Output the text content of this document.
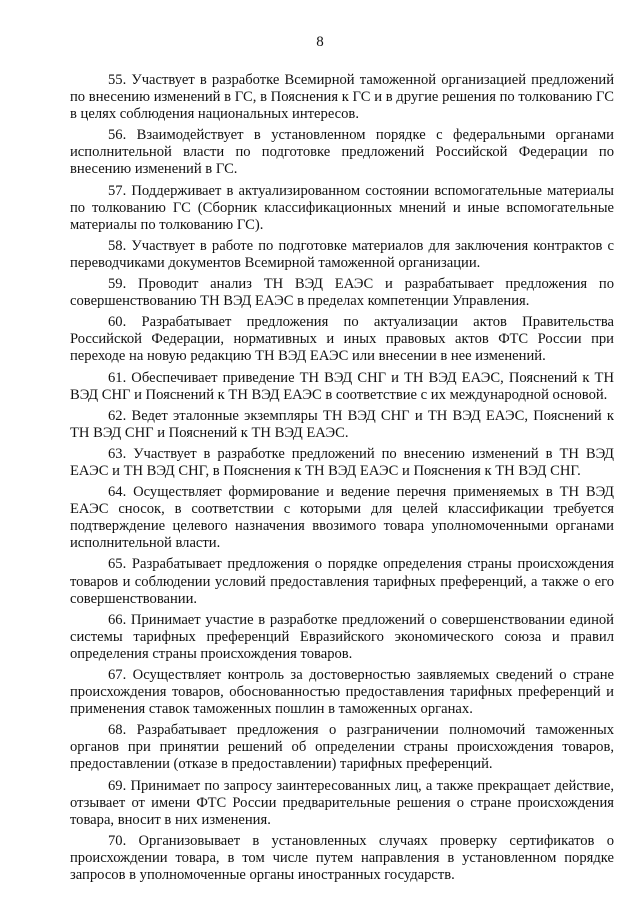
8

55. Участвует в разработке Всемирной таможенной организацией предложений по внесению изменений в ГС, в Пояснения к ГС и в другие решения по толкованию ГС в целях соблюдения национальных интересов.

56. Взаимодействует в установленном порядке с федеральными органами исполнительной власти по подготовке предложений Российской Федерации по внесению изменений в ГС.

57. Поддерживает в актуализированном состоянии вспомогательные материалы по толкованию ГС (Сборник классификационных мнений и иные вспомогательные материалы по толкованию ГС).

58. Участвует в работе по подготовке материалов для заключения контрактов с переводчиками документов Всемирной таможенной организации.

59. Проводит анализ ТН ВЭД ЕАЭС и разрабатывает предложения по совершенствованию ТН ВЭД ЕАЭС в пределах компетенции Управления.

60. Разрабатывает предложения по актуализации актов Правительства Российской Федерации, нормативных и иных правовых актов ФТС России при переходе на новую редакцию ТН ВЭД ЕАЭС или внесении в нее изменений.

61. Обеспечивает приведение ТН ВЭД СНГ и ТН ВЭД ЕАЭС, Пояснений к ТН ВЭД СНГ и Пояснений к ТН ВЭД ЕАЭС в соответствие с их международной основой.

62. Ведет эталонные экземпляры ТН ВЭД СНГ и ТН ВЭД ЕАЭС, Пояснений к ТН ВЭД СНГ и Пояснений к ТН ВЭД ЕАЭС.

63. Участвует в разработке предложений по внесению изменений в ТН ВЭД ЕАЭС и ТН ВЭД СНГ, в Пояснения к ТН ВЭД ЕАЭС и Пояснения к ТН ВЭД СНГ.

64. Осуществляет формирование и ведение перечня применяемых в ТН ВЭД ЕАЭС сносок, в соответствии с которыми для целей классификации требуется подтверждение целевого назначения ввозимого товара уполномоченными органами исполнительной власти.

65. Разрабатывает предложения о порядке определения страны происхождения товаров и соблюдении условий предоставления тарифных преференций, а также о его совершенствовании.

66. Принимает участие в разработке предложений о совершенствовании единой системы тарифных преференций Евразийского экономического союза и правил определения страны происхождения товаров.

67. Осуществляет контроль за достоверностью заявляемых сведений о стране происхождения товаров, обоснованностью предоставления тарифных преференций и применения ставок таможенных пошлин в таможенных органах.

68. Разрабатывает предложения о разграничении полномочий таможенных органов при принятии решений об определении страны происхождения товаров, предоставлении (отказе в предоставлении) тарифных преференций.

69. Принимает по запросу заинтересованных лиц, а также прекращает действие, отзывает от имени ФТС России предварительные решения о стране происхождения товара, вносит в них изменения.

70. Организовывает в установленных случаях проверку сертификатов о происхождении товара, в том числе путем направления в установленном порядке запросов в уполномоченные органы иностранных государств.
